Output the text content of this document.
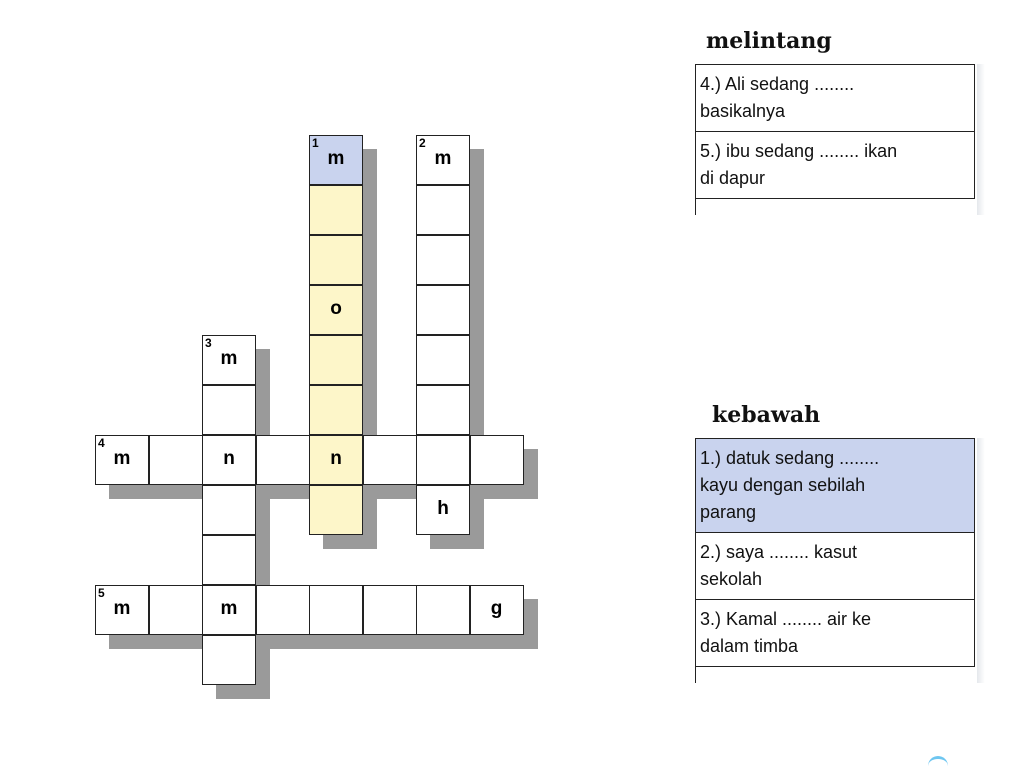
1
m
o
n
2
m
h
3
m
n
m
4
m
5
m	g
melintang
4.) Ali sedang ........
basikalnya
5.) ibu sedang ........ ikan
di dapur
kebawah
1.) datuk sedang ........
kayu dengan sebilah
parang
2.) saya ........ kasut
sekolah
3.) Kamal ........ air ke
dalam timba
